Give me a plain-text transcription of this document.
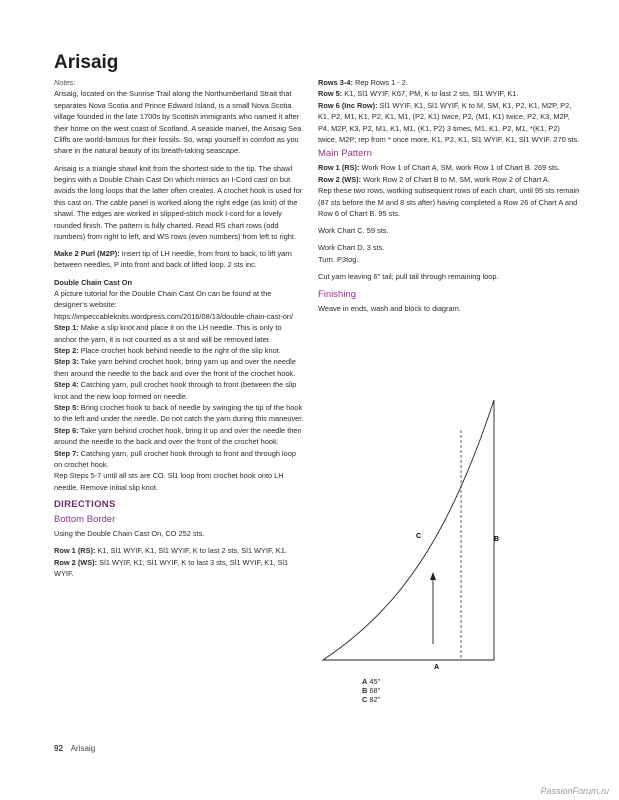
Arisaig

Notes:

Arisaig, located on the Sunrise Trail along the Northumberland Strait that separates Nova Scotia and Prince Edward Island, is a small Nova Scotia village founded in the late 1700s by Scottish immigrants who named it after their home on the west coast of Scotland. A seaside marvel, the Arisaig Sea Cliffs are world-famous for their fossils. So, wrap yourself in comfort as you share in the natural beauty of its breath-taking seascape.

Arisaig is a triangle shawl knit from the shortest side to the tip. The shawl begins with a Double Chain Cast On which mimics an I-Cord cast on but avoids the long loops that the latter often creates. A crochet hook is used for this cast on. The cable panel is worked along the right edge (as knit) of the shawl. The edges are worked in slipped-stitch mock I-cord for a lovely rounded finish. The pattern is fully charted. Read RS chart rows (odd numbers) from right to left, and WS rows (even numbers) from left to right.

Make 2 Purl (M2P): Insert tip of LH needle, from front to back, to lift yarn between needles, P into front and back of lifted loop. 2 sts inc.

Double Chain Cast On
A picture tutorial for the Double Chain Cast On can be found at the designer's website: https://impeccableknits.wordpress.com/2016/08/13/double-chain-cast-on/

Step 1: Make a slip knot and place it on the LH needle. This is only to anchor the yarn, it is not counted as a st and will be removed later.

Step 2: Place crochet hook behind needle to the right of the slip knot.

Step 3: Take yarn behind crochet hook, bring yarn up and over the needle then around the needle to the back and over the front of the crochet hook.

Step 4: Catching yarn, pull crochet hook through to front (between the slip knot and the new loop formed on needle.

Step 5: Bring crochet hook to back of needle by swinging the tip of the hook to the left and under the needle. Do not catch the yarn during this maneuver.

Step 6: Take yarn behind crochet hook, bring it up and over the needle then around the needle to the back and over the front of the crochet hook.

Step 7: Catching yarn, pull crochet hook through to front and through loop on crochet hook.

Rep Steps 5-7 until all sts are CO. Sl1 loop from crochet hook onto LH needle. Remove initial slip knot.

DIRECTIONS
Bottom Border

Using the Double Chain Cast On, CO 252 sts.

Row 1 (RS): K1, Sl1 WYIF, K1, Sl1 WYIF, K to last 2 sts, Sl1 WYIF, K1.

Row 2 (WS): Sl1 WYIF, K1, Sl1 WYIF, K to last 3 sts, Sl1 WYIF, K1, Sl1 WYIF.

Rows 3-4: Rep Rows 1 - 2.

Row 5: K1, Sl1 WYIF, K67, PM, K to last 2 sts, Sl1 WYIF, K1.

Row 6 (Inc Row): Sl1 WYIF, K1, Sl1 WYIF, K to M, SM, K1, P2, K1, M2P, P2, K1, P2, M1, K1, P2, K1, M1, (P2, K1) twice, P2, (M1, K1) twice, P2, K3, M2P, P4, M2P, K3, P2, M1, K1, M1, (K1, P2) 3 times, M1, K1, P2, M1, *(K1, P2) twice, M2P; rep from * once more, K1, P2, K1, Sl1 WYIF, K1, Sl1 WYIF. 270 sts.

Main Pattern

Row 1 (RS): Work Row 1 of Chart A, SM, work Row 1 of Chart B. 269 sts.

Row 2 (WS): Work Row 2 of Chart B to M, SM, work Row 2 of Chart A.

Rep these two rows, working subsequent rows of each chart, until 95 sts remain (87 sts before the M and 8 sts after) having completed a Row 26 of Chart A and Row 6 of Chart B. 95 sts.

Work Chart C. 59 sts.

Work Chart D. 3 sts.

Turn. P3tog.

Cut yarn leaving 6" tail; pull tail through remaining loop.

Finishing

Weave in ends, wash and block to diagram.

C	B
A
A 45"
B 68"
C 82"
92 Arisaig
PassionForum.ru
